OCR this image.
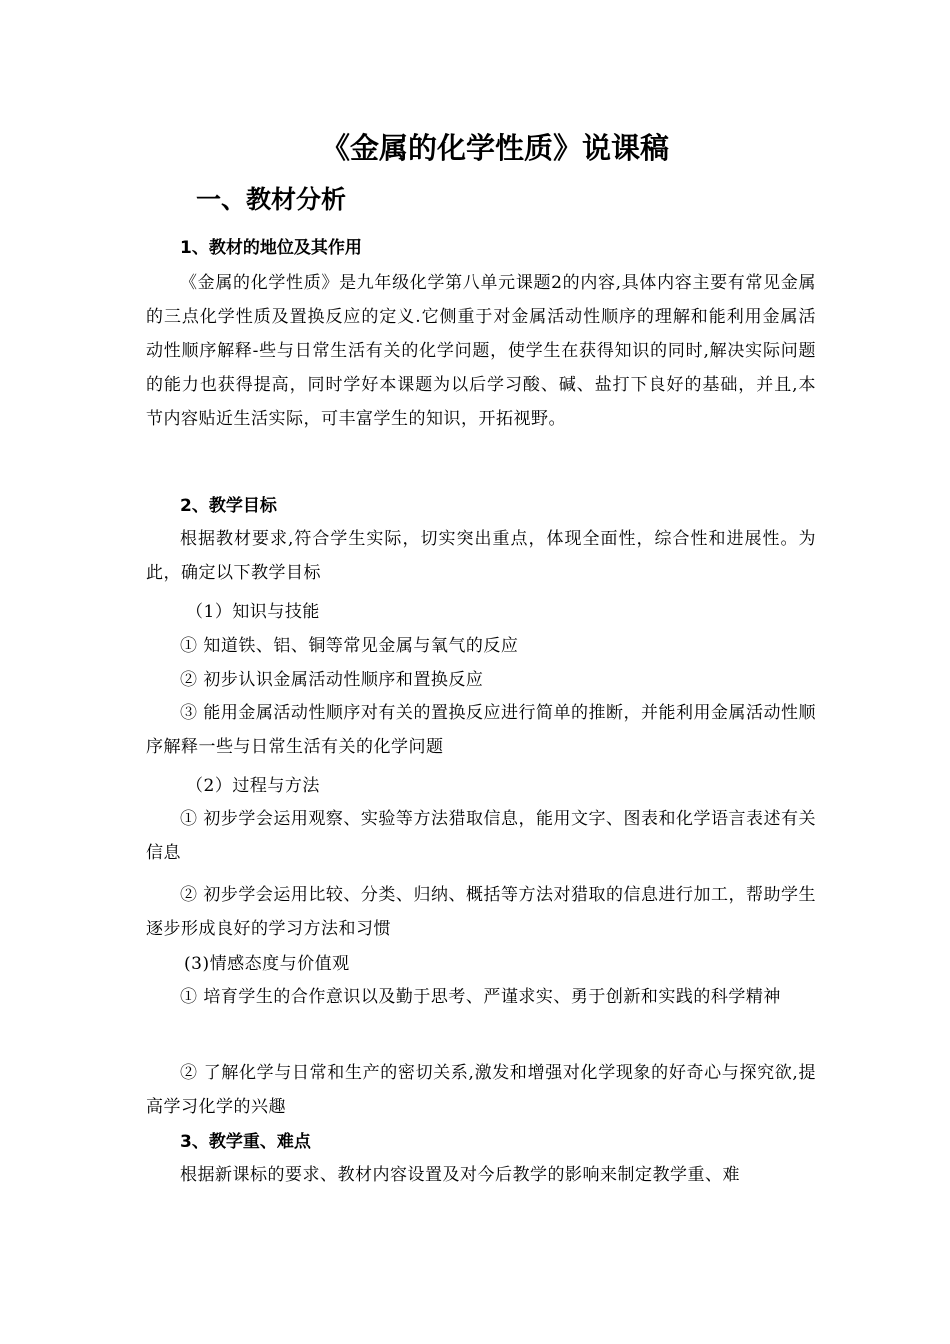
《金属的化学性质》说课稿
一、教材分析
1、教材的地位及其作用
《金属的化学性质》是九年级化学第八单元课题2的内容,具体内容主要有常见金属的三点化学性质及置换反应的定义.它侧重于对金属活动性顺序的理解和能利用金属活动性顺序解释-些与日常生活有关的化学问题，使学生在获得知识的同时,解决实际问题的能力也获得提高，同时学好本课题为以后学习酸、碱、盐打下良好的基础，并且,本节内容贴近生活实际，可丰富学生的知识，开拓视野。
2、教学目标
根据教材要求,符合学生实际，切实突出重点，体现全面性，综合性和进展性。为此，确定以下教学目标
（1）知识与技能
① 知道铁、铝、铜等常见金属与氧气的反应
② 初步认识金属活动性顺序和置换反应
③ 能用金属活动性顺序对有关的置换反应进行简单的推断，并能利用金属活动性顺序解释一些与日常生活有关的化学问题
（2）过程与方法
① 初步学会运用观察、实验等方法猎取信息，能用文字、图表和化学语言表述有关信息
② 初步学会运用比较、分类、归纳、概括等方法对猎取的信息进行加工，帮助学生逐步形成良好的学习方法和习惯
(3)情感态度与价值观
① 培育学生的合作意识以及勤于思考、严谨求实、勇于创新和实践的科学精神
② 了解化学与日常和生产的密切关系,激发和增强对化学现象的好奇心与探究欲,提高学习化学的兴趣
3、教学重、难点
根据新课标的要求、教材内容设置及对今后教学的影响来制定教学重、难
